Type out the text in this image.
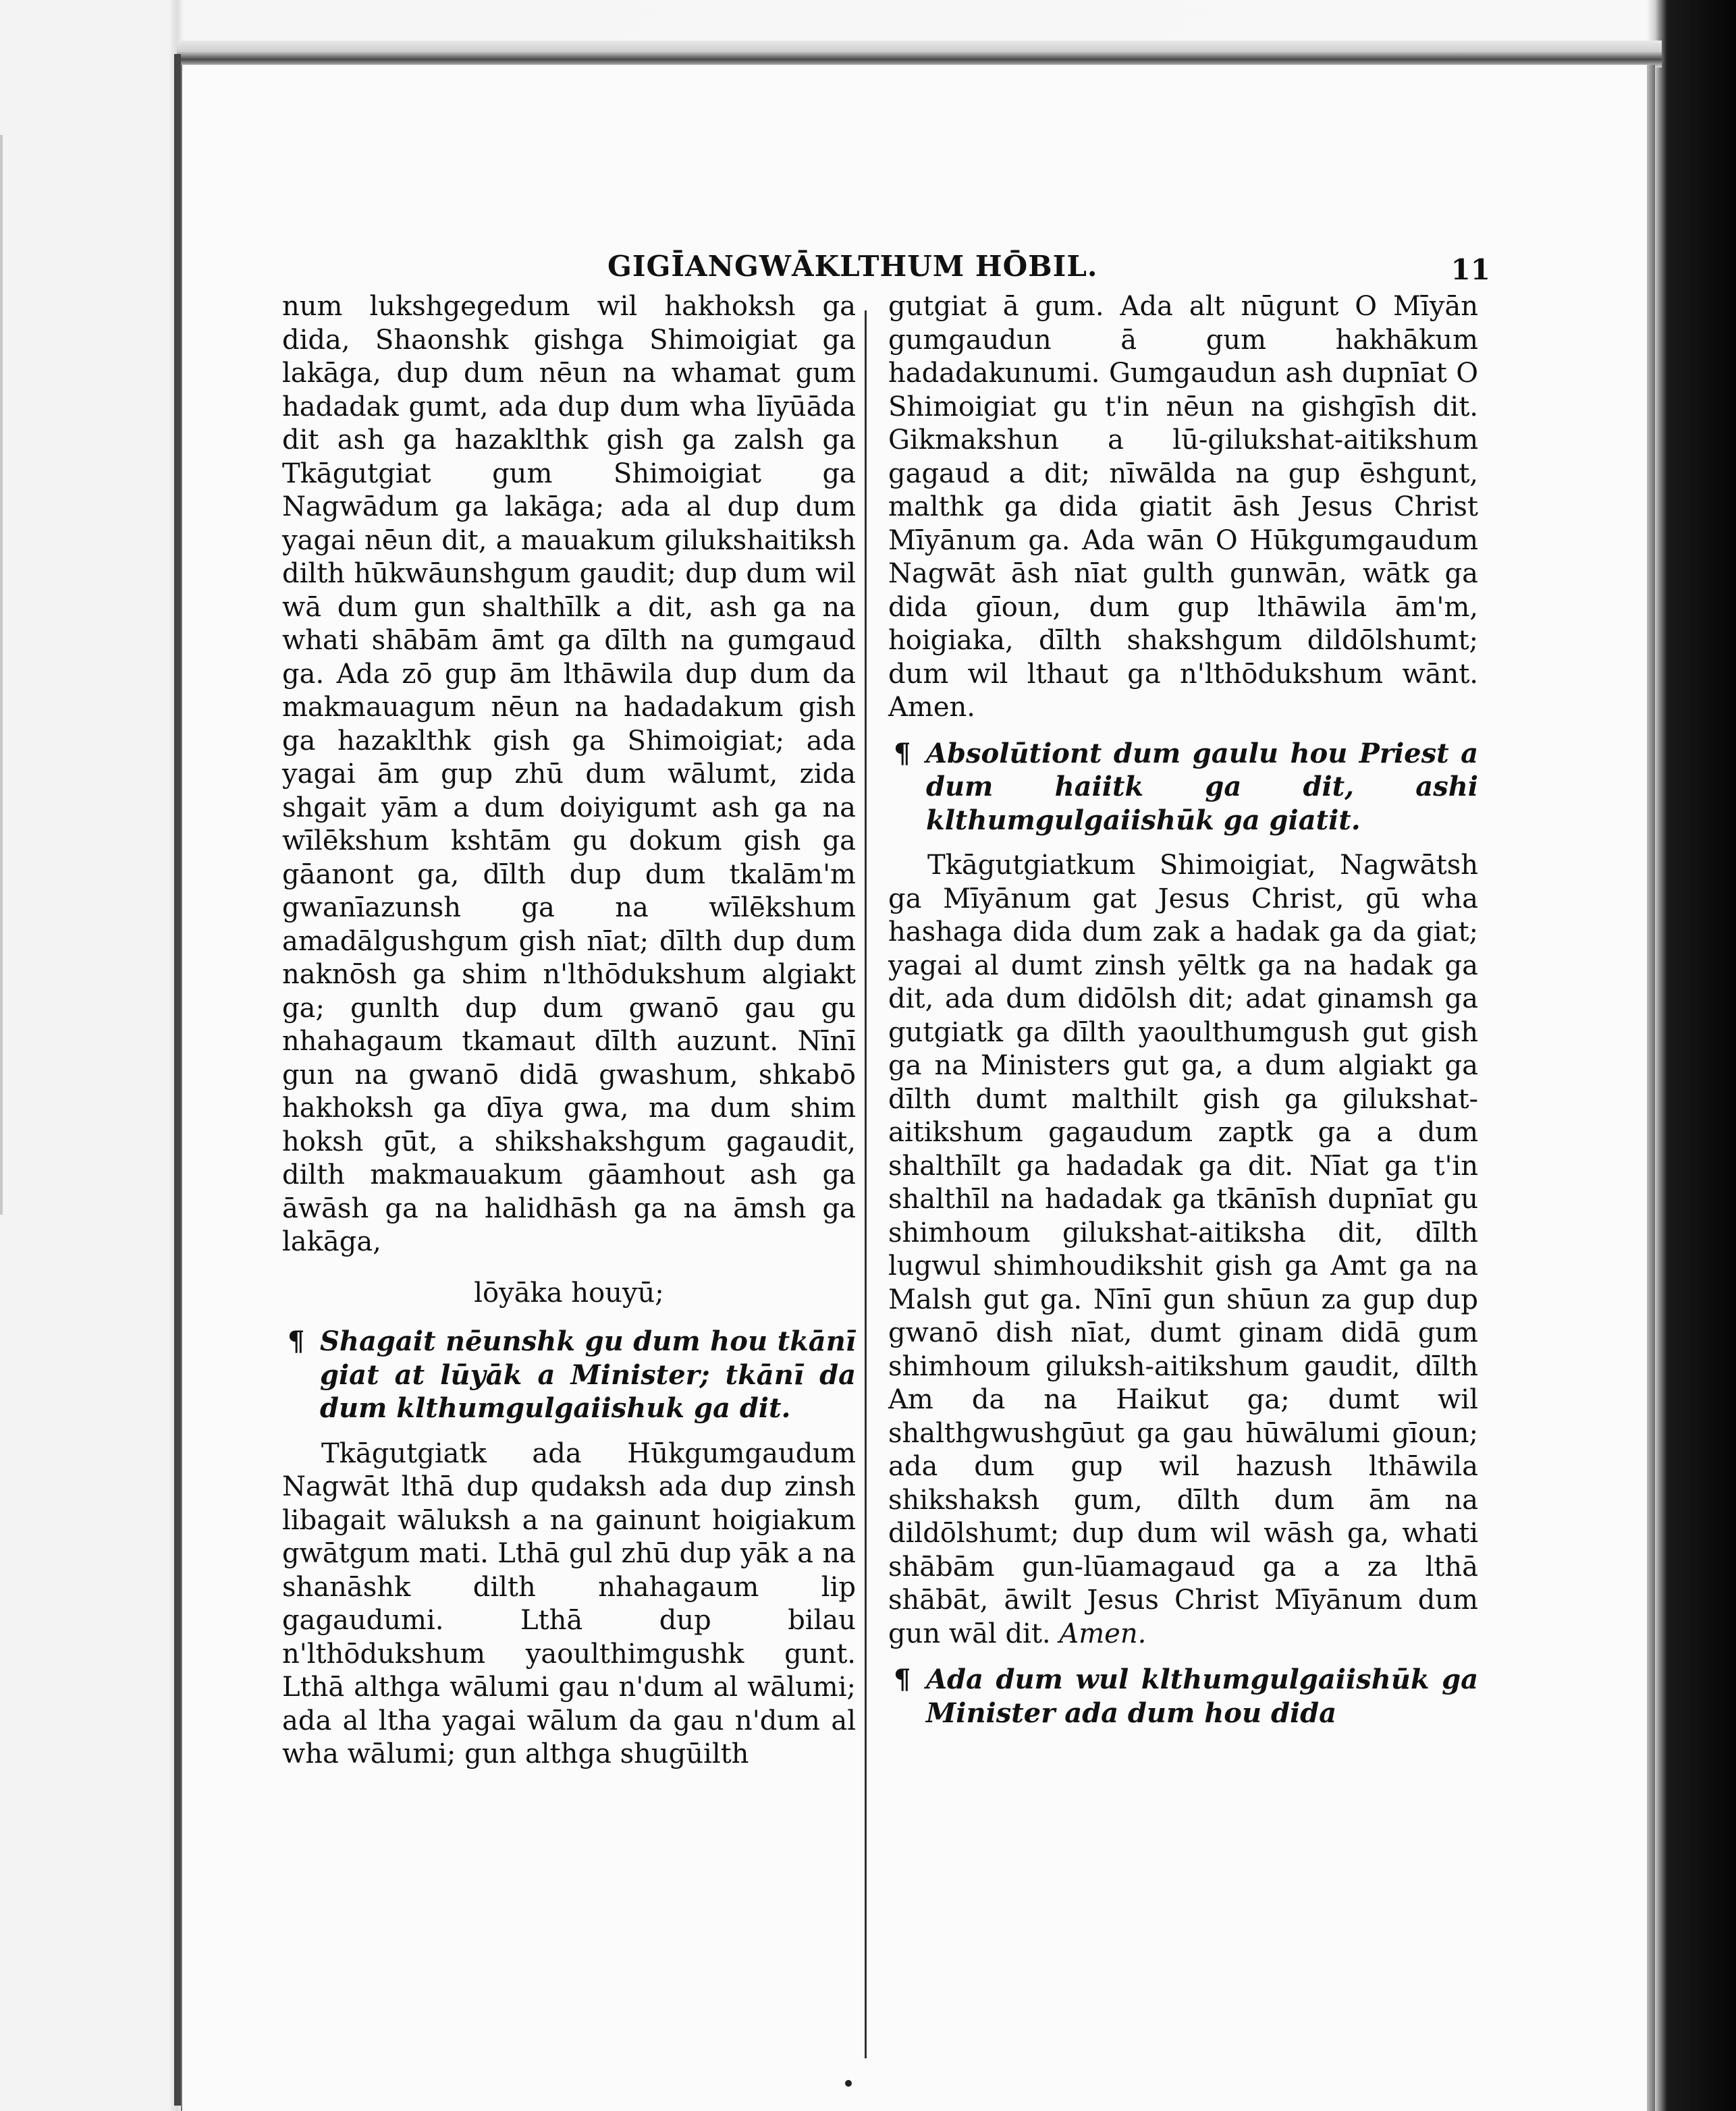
GIGĪANGWĀKLTHUM HŌBIL.	11

num lukshgegedum wil hakhoksh ga dida, Shaonshk gishga Shimoigiat ga lakāga, dup dum nēun na whamat gum hadadak gumt, ada dup dum wha līyūāda dit ash ga hazaklthk gish ga zalsh ga Tkāgutgiat gum Shimoigiat ga Nagwādum ga lakāga; ada al dup dum yagai nēun dit, a mauakum gilukshaitiksh dilth hūkwāunshgum gaudit; dup dum wil wā dum gun shalthīlk a dit, ash ga na whati shābām āmt ga dīlth na gumgaud ga. Ada zō gup ām lthāwila dup dum da makmauagum nēun na hadadakum gish ga hazaklthk gish ga Shimoigiat; ada yagai ām gup zhū dum wālumt, zida shgait yām a dum doiyigumt ash ga na wīlēkshum kshtām gu dokum gish ga gāanont ga, dīlth dup dum tkalām'm gwanīazunsh ga na wīlēkshum amadālgushgum gish nīat; dīlth dup dum naknōsh ga shim n'lthōdukshum algiakt ga; gunlth dup dum gwanō gau gu nhahagaum tkamaut dīlth auzunt. Nīnī gun na gwanō didā gwashum, shkabō hakhoksh ga dīya gwa, ma dum shim hoksh gūt, a shikshakshgum gagaudit, dilth makmauakum gāamhout ash ga āwāsh ga na halidhāsh ga na āmsh ga lakāga,

lōyāka houyū;

¶ Shagait nēunshk gu dum hou tkānī giat at lūyāk a Minister; tkānī da dum klthumgulgaiishuk ga dit.

Tkāgutgiatk ada Hūkgumgaudum Nagwāt lthā dup qudaksh ada dup zinsh libagait wāluksh a na gainunt hoigiakum gwātgum mati. Lthā gul zhū dup yāk a na shanāshk dilth nhahagaum lip gagaudumi. Lthā dup bilau n'lthōdukshum yaoulthimgushk gunt. Lthā althga wālumi gau n'dum al wālumi; ada al ltha yagai wālum da gau n'dum al wha wālumi; gun althga shugūilth

gutgiat ā gum. Ada alt nūgunt O Mīyān gumgaudun ā gum hakhākum hadadakunumi. Gumgaudun ash dupnīat O Shimoigiat gu t'in nēun na gishgīsh dit. Gikmakshun a lū-gilukshat-aitikshum gagaud a dit; nīwālda na gup ēshgunt, malthk ga dida giatit āsh Jesus Christ Mīyānum ga. Ada wān O Hūkgumgaudum Nagwāt āsh nīat gulth gunwān, wātk ga dida gīoun, dum gup lthāwila ām'm, hoigiaka, dīlth shakshgum dildōlshumt; dum wil lthaut ga n'lthōdukshum wānt. Amen.

¶ Absolūtiont dum gaulu hou Priest a dum haiitk ga dit, ashi klthumgulgaiishūk ga giatit.

Tkāgutgiatkum Shimoigiat, Nagwātsh ga Mīyānum gat Jesus Christ, gū wha hashaga dida dum zak a hadak ga da giat; yagai al dumt zinsh yēltk ga na hadak ga dit, ada dum didōlsh dit; adat ginamsh ga gutgiatk ga dīlth yaoulthumgush gut gish ga na Ministers gut ga, a dum algiakt ga dīlth dumt malthilt gish ga gilukshat-aitikshum gagaudum zaptk ga a dum shalthīlt ga hadadak ga dit. Nīat ga t'in shalthīl na hadadak ga tkānīsh dupnīat gu shimhoum gilukshat-aitiksha dit, dīlth lugwul shimhoudikshit gish ga Amt ga na Malsh gut ga. Nīnī gun shūun za gup dup gwanō dish nīat, dumt ginam didā gum shimhoum giluksh-aitikshum gaudit, dīlth Am da na Haikut ga; dumt wil shalthgwushgūut ga gau hūwālumi gīoun; ada dum gup wil hazush lthāwila shikshaksh gum, dīlth dum ām na dildōlshumt; dup dum wil wāsh ga, whati shābām gun-lūamagaud ga a za lthā shābāt, āwilt Jesus Christ Mīyānum dum gun wāl dit. Amen.

¶ Ada dum wul klthumgulgaiishūk ga Minister ada dum hou dida
